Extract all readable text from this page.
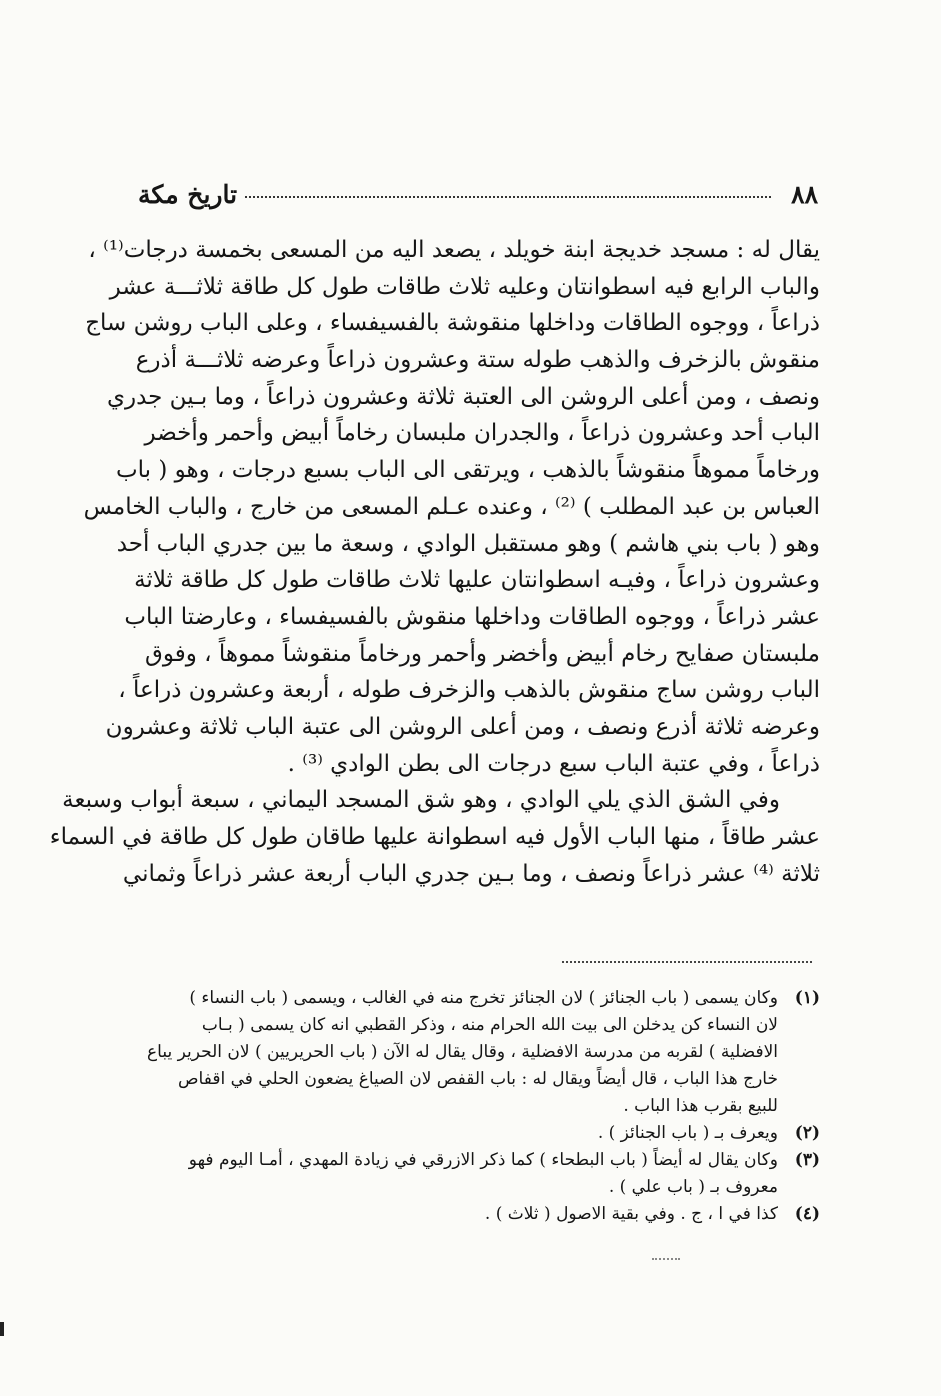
٨٨
تاريخ مكة
يقال له : مسجد خديجة ابنة خويلد ، يصعد اليه من المسعى بخمسة درجات⁽¹⁾ ،
والباب الرابع فيه اسطوانتان وعليه ثلاث طاقات طول كل طاقة ثلاثـــة عشر
ذراعاً ، ووجوه الطاقات وداخلها منقوشة بالفسيفساء ، وعلى الباب روشن ساج
منقوش بالزخرف والذهب طوله ستة وعشرون ذراعاً وعرضه ثلاثـــة أذرع
ونصف ، ومن أعلى الروشن الى العتبة ثلاثة وعشرون ذراعاً ، وما بـين جدري
الباب أحد وعشرون ذراعاً ، والجدران ملبسان رخاماً أبيض وأحمر وأخضر
ورخاماً مموهاً منقوشاً بالذهب ، ويرتقى الى الباب بسبع درجات ، وهو ( باب
العباس بن عبد المطلب ) ⁽²⁾ ، وعنده عـلم المسعى من خارج ، والباب الخامس
وهو ( باب بني هاشم ) وهو مستقبل الوادي ، وسعة ما بين جدري الباب أحد
وعشرون ذراعاً ، وفيـه اسطوانتان عليها ثلاث طاقات طول كل طاقة ثلاثة
عشر ذراعاً ، ووجوه الطاقات وداخلها منقوش بالفسيفساء ، وعارضتا الباب
ملبستان صفايح رخام أبيض وأخضر وأحمر ورخاماً منقوشاً مموهاً ، وفوق
الباب روشن ساج منقوش بالذهب والزخرف طوله ، أربعة وعشرون ذراعاً ،
وعرضه ثلاثة أذرع ونصف ، ومن أعلى الروشن الى عتبة الباب ثلاثة وعشرون
ذراعاً ، وفي عتبة الباب سبع درجات الى بطن الوادي ⁽³⁾ .
وفي الشق الذي يلي الوادي ، وهو شق المسجد اليماني ، سبعة أبواب وسبعة
عشر طاقاً ، منها الباب الأول فيه اسطوانة عليها طاقان طول كل طاقة في السماء
ثلاثة ⁽⁴⁾ عشر ذراعاً ونصف ، وما بـين جدري الباب أربعة عشر ذراعاً وثماني
(١)
وكان يسمى ( باب الجنائز ) لان الجنائز تخرج منه في الغالب ، ويسمى ( باب النساء )
لان النساء كن يدخلن الى بيت الله الحرام منه ، وذكر القطبي انه كان يسمى ( بـاب
الافضلية ) لقربه من مدرسة الافضلية ، وقال يقال له الآن ( باب الحريريين ) لان الحرير يباع
خارج هذا الباب ، قال أيضاً ويقال له : باب القفص لان الصياغ يضعون الحلي في اقفاص
للبيع بقرب هذا الباب .
(٢)
ويعرف بـ ( باب الجنائز ) .
(٣)
وكان يقال له أيضاً ( باب البطحاء ) كما ذكر الازرقي في زيادة المهدي ، أمـا اليوم فهو
معروف بـ ( باب علي ) .
(٤)
كذا في ا ، ج . وفي بقية الاصول ( ثلاث ) .
